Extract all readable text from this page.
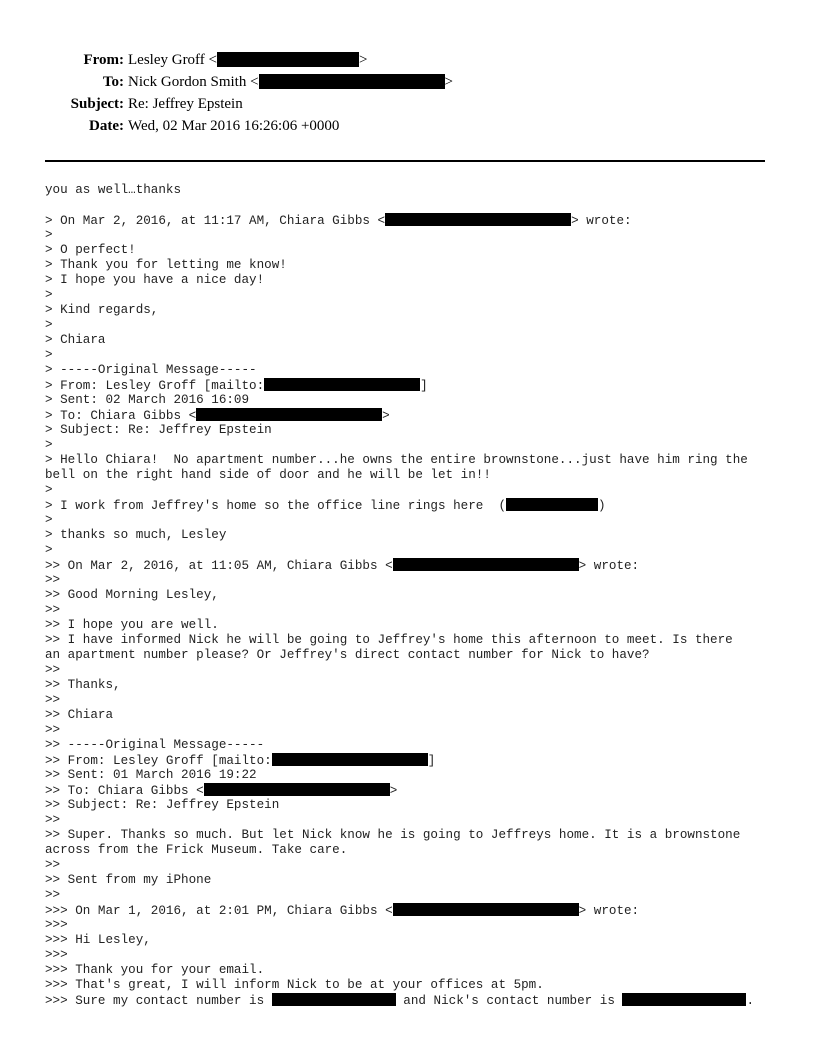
From: Lesley Groff <	>
To: Nick Gordon Smith <	>
Subject: Re: Jeffrey Epstein
Date: Wed, 02 Mar 2016 16:26:06 +0000
you as well…thanks
> On Mar 2, 2016, at 11:17 AM, Chiara Gibbs <	> wrote:
>
> O perfect!
> Thank you for letting me know!
> I hope you have a nice day!
>
> Kind regards,
>
> Chiara
>
> -----Original Message-----
> From: Lesley Groff [mailto:	]
> Sent: 02 March 2016 16:09
> To: Chiara Gibbs <	>
> Subject: Re: Jeffrey Epstein
>
> Hello Chiara!  No apartment number...he owns the entire brownstone...just have him ring the
bell on the right hand side of door and he will be let in!!
>
> I work from Jeffrey's home so the office line rings here  (	)
>
> thanks so much, Lesley
>
>> On Mar 2, 2016, at 11:05 AM, Chiara Gibbs <	> wrote:
>>
>> Good Morning Lesley,
>>
>> I hope you are well.
>> I have informed Nick he will be going to Jeffrey's home this afternoon to meet. Is there
an apartment number please? Or Jeffrey's direct contact number for Nick to have?
>>
>> Thanks,
>>
>> Chiara
>>
>> -----Original Message-----
>> From: Lesley Groff [mailto:	]
>> Sent: 01 March 2016 19:22
>> To: Chiara Gibbs <	>
>> Subject: Re: Jeffrey Epstein
>>
>> Super. Thanks so much. But let Nick know he is going to Jeffreys home. It is a brownstone
across from the Frick Museum. Take care.
>>
>> Sent from my iPhone
>>
>>> On Mar 1, 2016, at 2:01 PM, Chiara Gibbs <	> wrote:
>>>
>>> Hi Lesley,
>>>
>>> Thank you for your email.
>>> That's great, I will inform Nick to be at your offices at 5pm.
>>> Sure my contact number is	and Nick's contact number is	.
